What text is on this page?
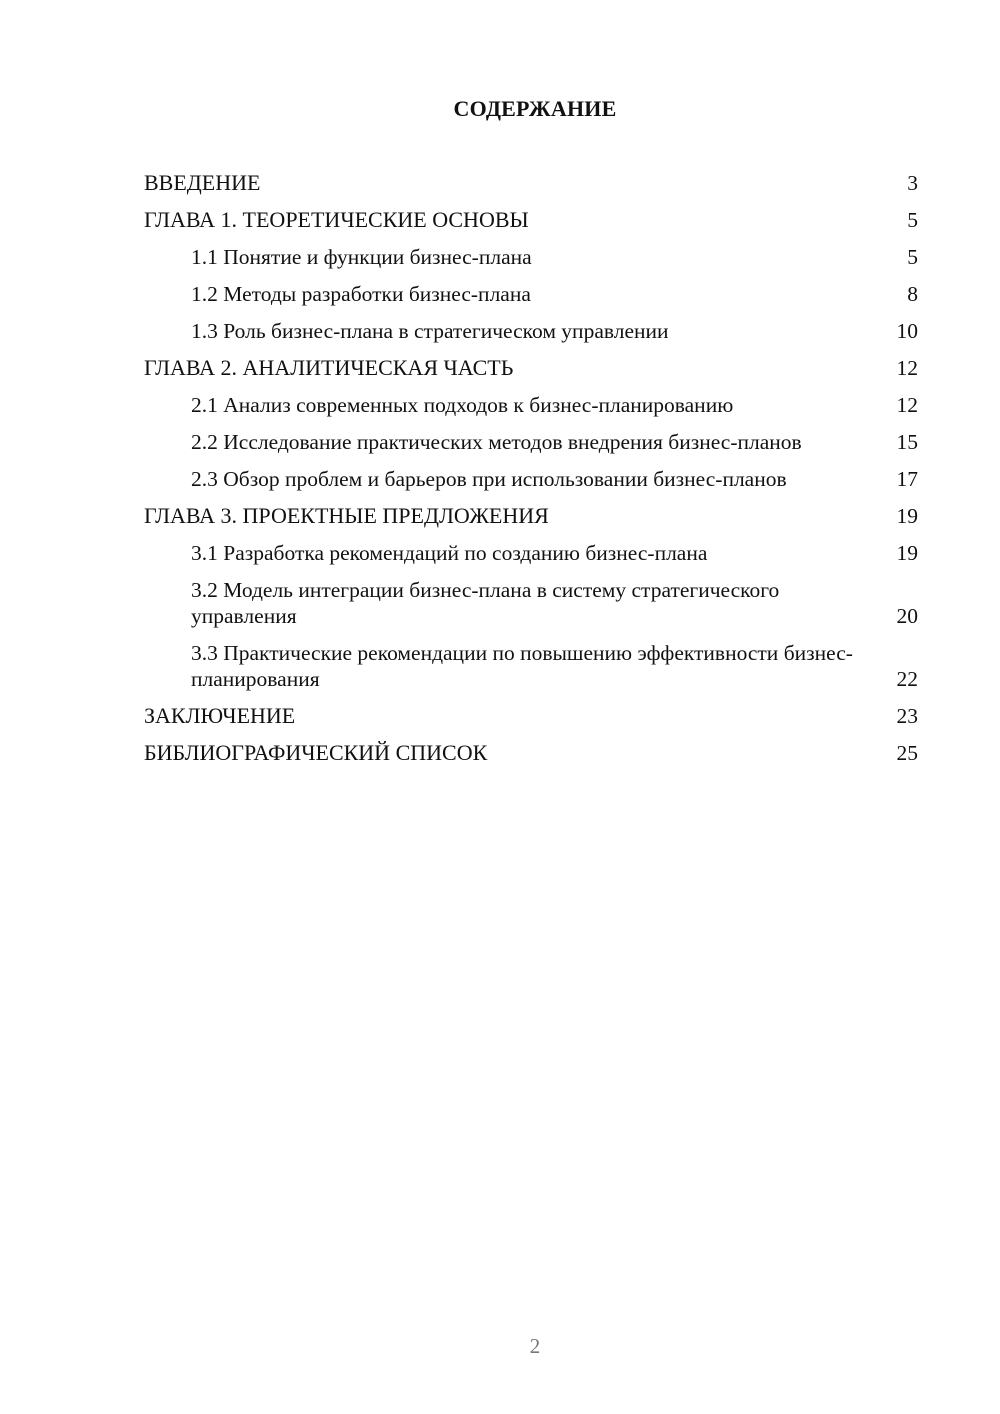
СОДЕРЖАНИЕ
ВВЕДЕНИЕ	3
ГЛАВА 1. ТЕОРЕТИЧЕСКИЕ ОСНОВЫ	5
1.1 Понятие и функции бизнес-плана	5
1.2 Методы разработки бизнес-плана	8
1.3 Роль бизнес-плана в стратегическом управлении	10
ГЛАВА 2. АНАЛИТИЧЕСКАЯ ЧАСТЬ	12
2.1 Анализ современных подходов к бизнес-планированию	12
2.2 Исследование практических методов внедрения бизнес-планов	15
2.3 Обзор проблем и барьеров при использовании бизнес-планов	17
ГЛАВА 3. ПРОЕКТНЫЕ ПРЕДЛОЖЕНИЯ	19
3.1 Разработка рекомендаций по созданию бизнес-плана	19
3.2 Модель интеграции бизнес-плана в систему стратегического управления	20
3.3 Практические рекомендации по повышению эффективности бизнес-планирования	22
ЗАКЛЮЧЕНИЕ	23
БИБЛИОГРАФИЧЕСКИЙ СПИСОК	25
2
